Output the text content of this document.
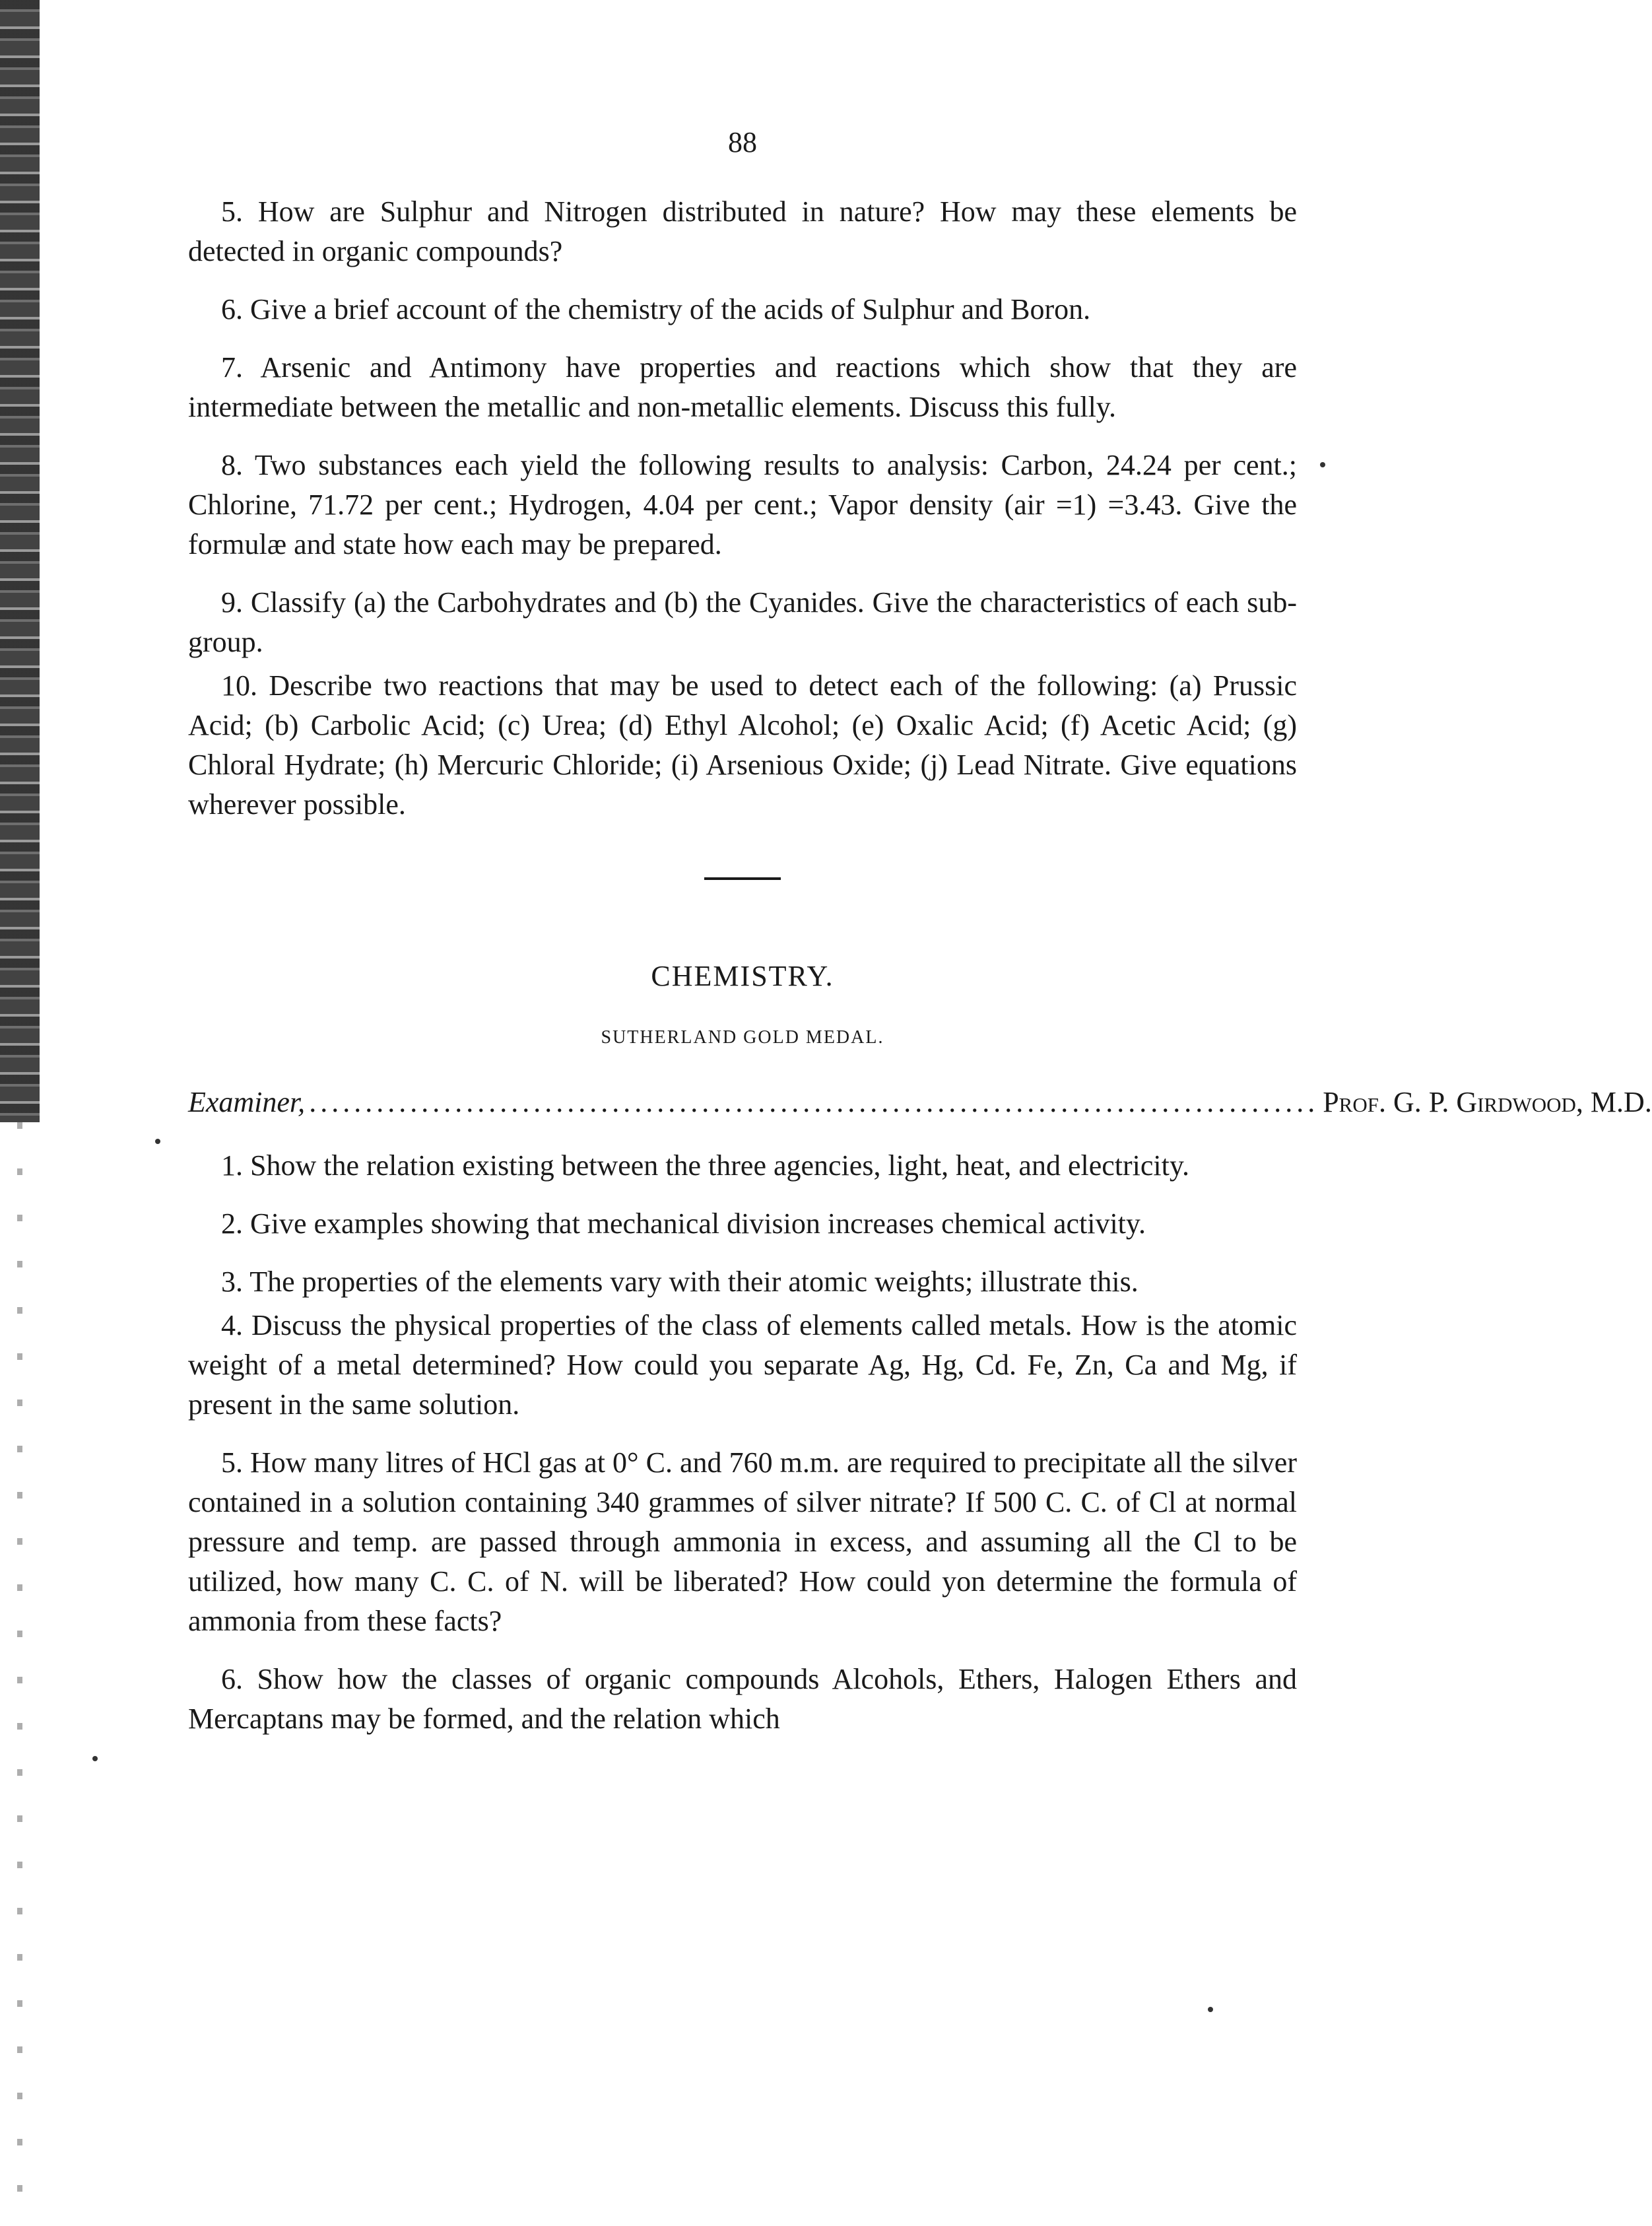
88

5. How are Sulphur and Nitrogen distributed in nature? How may these elements be detected in organic compounds?

6. Give a brief account of the chemistry of the acids of Sulphur and Boron.

7. Arsenic and Antimony have properties and reactions which show that they are intermediate between the metallic and non-metallic elements. Discuss this fully.

8. Two substances each yield the following results to analysis: Carbon, 24.24 per cent.; Chlorine, 71.72 per cent.; Hydrogen, 4.04 per cent.; Vapor density (air =1) =3.43. Give the formulæ and state how each may be prepared.

9. Classify (a) the Carbohydrates and (b) the Cyanides. Give the characteristics of each sub-group.

10. Describe two reactions that may be used to detect each of the following: (a) Prussic Acid; (b) Carbolic Acid; (c) Urea; (d) Ethyl Alcohol; (e) Oxalic Acid; (f) Acetic Acid; (g) Chloral Hydrate; (h) Mercuric Chloride; (i) Arsenious Oxide; (j) Lead Nitrate. Give equations wherever possible.

CHEMISTRY.
SUTHERLAND GOLD MEDAL.
Examiner, .......................................................................................... Prof. G. P. Girdwood, M.D.

1. Show the relation existing between the three agencies, light, heat, and electricity.

2. Give examples showing that mechanical division increases chemical activity.

3. The properties of the elements vary with their atomic weights; illustrate this.

4. Discuss the physical properties of the class of elements called metals. How is the atomic weight of a metal determined? How could you separate Ag, Hg, Cd. Fe, Zn, Ca and Mg, if present in the same solution.

5. How many litres of HCl gas at 0° C. and 760 m.m. are required to precipitate all the silver contained in a solution containing 340 grammes of silver nitrate? If 500 C. C. of Cl at normal pressure and temp. are passed through ammonia in excess, and assuming all the Cl to be utilized, how many C. C. of N. will be liberated? How could yon determine the formula of ammonia from these facts?

6. Show how the classes of organic compounds Alcohols, Ethers, Halogen Ethers and Mercaptans may be formed, and the relation which
